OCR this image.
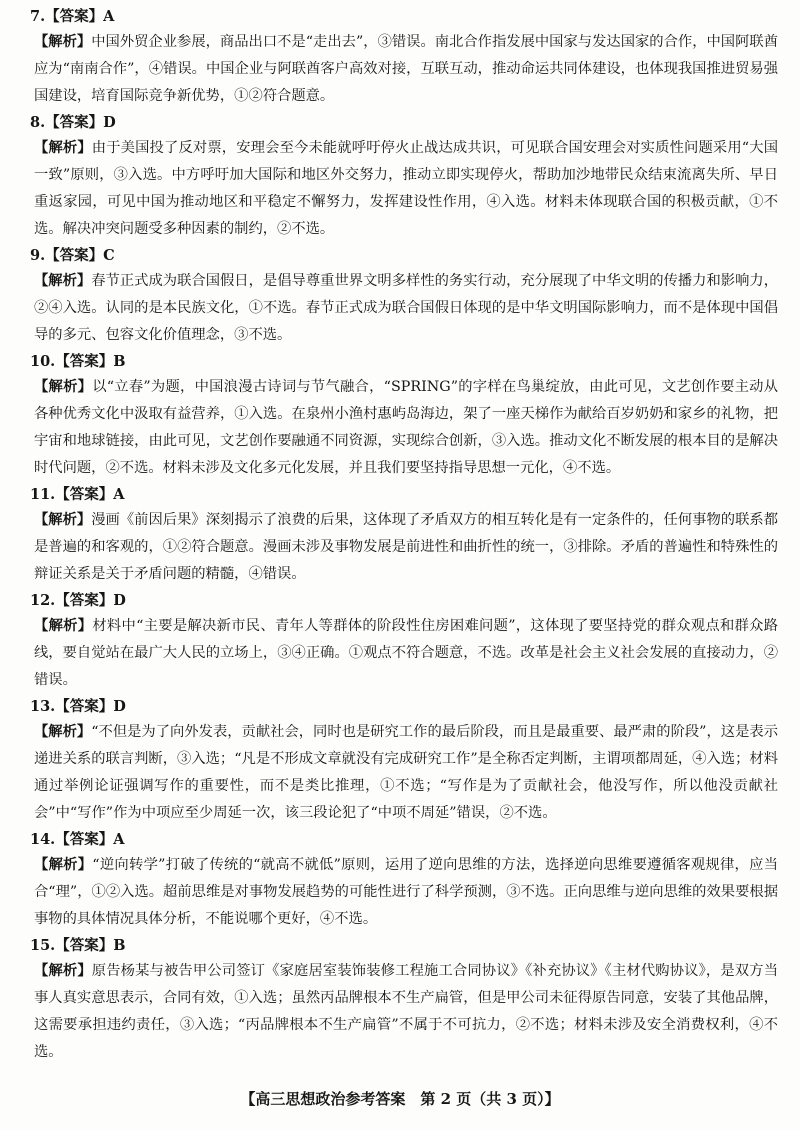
7.【答案】A

【解析】中国外贸企业参展，商品出口不是“走出去”，③错误。南北合作指发展中国家与发达国家的合作，中国阿联酋应为“南南合作”，④错误。中国企业与阿联酋客户高效对接，互联互动，推动命运共同体建设，也体现我国推进贸易强国建设，培育国际竞争新优势，①②符合题意。

8.【答案】D

【解析】由于美国投了反对票，安理会至今未能就呼吁停火止战达成共识，可见联合国安理会对实质性问题采用“大国一致”原则，③入选。中方呼吁加大国际和地区外交努力，推动立即实现停火，帮助加沙地带民众结束流离失所、早日重返家园，可见中国为推动地区和平稳定不懈努力，发挥建设性作用，④入选。材料未体现联合国的积极贡献，①不选。解决冲突问题受多种因素的制约，②不选。

9.【答案】C

【解析】春节正式成为联合国假日，是倡导尊重世界文明多样性的务实行动，充分展现了中华文明的传播力和影响力，②④入选。认同的是本民族文化，①不选。春节正式成为联合国假日体现的是中华文明国际影响力，而不是体现中国倡导的多元、包容文化价值理念，③不选。

10.【答案】B

【解析】以“立春”为题，中国浪漫古诗词与节气融合，“SPRING”的字样在鸟巢绽放，由此可见，文艺创作要主动从各种优秀文化中汲取有益营养，①入选。在泉州小渔村惠屿岛海边，架了一座天梯作为献给百岁奶奶和家乡的礼物，把宇宙和地球链接，由此可见，文艺创作要融通不同资源，实现综合创新，③入选。推动文化不断发展的根本目的是解决时代问题，②不选。材料未涉及文化多元化发展，并且我们要坚持指导思想一元化，④不选。

11.【答案】A

【解析】漫画《前因后果》深刻揭示了浪费的后果，这体现了矛盾双方的相互转化是有一定条件的，任何事物的联系都是普遍的和客观的，①②符合题意。漫画未涉及事物发展是前进性和曲折性的统一，③排除。矛盾的普遍性和特殊性的辩证关系是关于矛盾问题的精髓，④错误。

12.【答案】D

【解析】材料中“主要是解决新市民、青年人等群体的阶段性住房困难问题”，这体现了要坚持党的群众观点和群众路线，要自觉站在最广大人民的立场上，③④正确。①观点不符合题意，不选。改革是社会主义社会发展的直接动力，②错误。

13.【答案】D

【解析】“不但是为了向外发表，贡献社会，同时也是研究工作的最后阶段，而且是最重要、最严肃的阶段”，这是表示递进关系的联言判断，③入选；“凡是不形成文章就没有完成研究工作”是全称否定判断，主谓项都周延，④入选；材料通过举例论证强调写作的重要性，而不是类比推理，①不选；“写作是为了贡献社会，他没写作，所以他没贡献社会”中“写作”作为中项应至少周延一次，该三段论犯了“中项不周延”错误，②不选。

14.【答案】A

【解析】“逆向转学”打破了传统的“就高不就低”原则，运用了逆向思维的方法，选择逆向思维要遵循客观规律，应当合“理”，①②入选。超前思维是对事物发展趋势的可能性进行了科学预测，③不选。正向思维与逆向思维的效果要根据事物的具体情况具体分析，不能说哪个更好，④不选。

15.【答案】B

【解析】原告杨某与被告甲公司签订《家庭居室装饰装修工程施工合同协议》《补充协议》《主材代购协议》，是双方当事人真实意思表示，合同有效，①入选；虽然丙品牌根本不生产扁管，但是甲公司未征得原告同意，安装了其他品牌，这需要承担违约责任，③入选；“丙品牌根本不生产扁管”不属于不可抗力，②不选；材料未涉及安全消费权利，④不选。

【高三思想政治参考答案　第 2 页（共 3 页）】
